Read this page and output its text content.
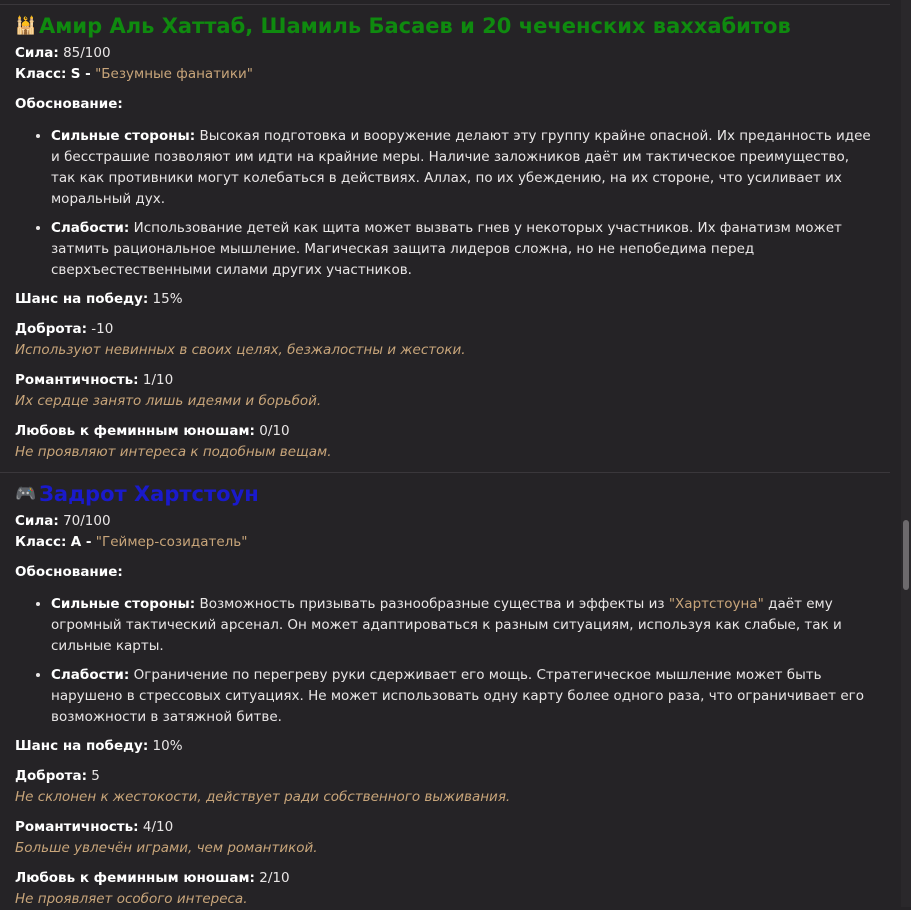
🕌 Амир Аль Хаттаб, Шамиль Басаев и 20 чеченских ваххабитов

Сила: 85/100

Класс: S - "Безумные фанатики"

Обоснование:
• Сильные стороны: Высокая подготовка и вооружение делают эту группу крайне опасной. Их преданность идее и бесстрашие позволяют им идти на крайние меры. Наличие заложников даёт им тактическое преимущество, так как противники могут колебаться в действиях. Аллах, по их убеждению, на их стороне, что усиливает их моральный дух.
• Слабости: Использование детей как щита может вызвать гнев у некоторых участников. Их фанатизм может затмить рациональное мышление. Магическая защита лидеров сложна, но не непобедима перед сверхъестественными силами других участников.

Шанс на победу: 15%

Доброта: -10
Используют невинных в своих целях, безжалостны и жестоки.
Романтичность: 1/10
Их сердце занято лишь идеями и борьбой.
Любовь к феминным юношам: 0/10
Не проявляют интереса к подобным вещам.
🎮 Задрот Хартстоун

Сила: 70/100

Класс: A - "Геймер-созидатель"

Обоснование:
• Сильные стороны: Возможность призывать разнообразные существа и эффекты из "Хартстоуна" даёт ему огромный тактический арсенал. Он может адаптироваться к разным ситуациям, используя как слабые, так и сильные карты.
• Слабости: Ограничение по перегреву руки сдерживает его мощь. Стратегическое мышление может быть нарушено в стрессовых ситуациях. Не может использовать одну карту более одного раза, что ограничивает его возможности в затяжной битве.

Шанс на победу: 10%

Доброта: 5
Не склонен к жестокости, действует ради собственного выживания.
Романтичность: 4/10
Больше увлечён играми, чем романтикой.
Любовь к феминным юношам: 2/10
Не проявляет особого интереса.
